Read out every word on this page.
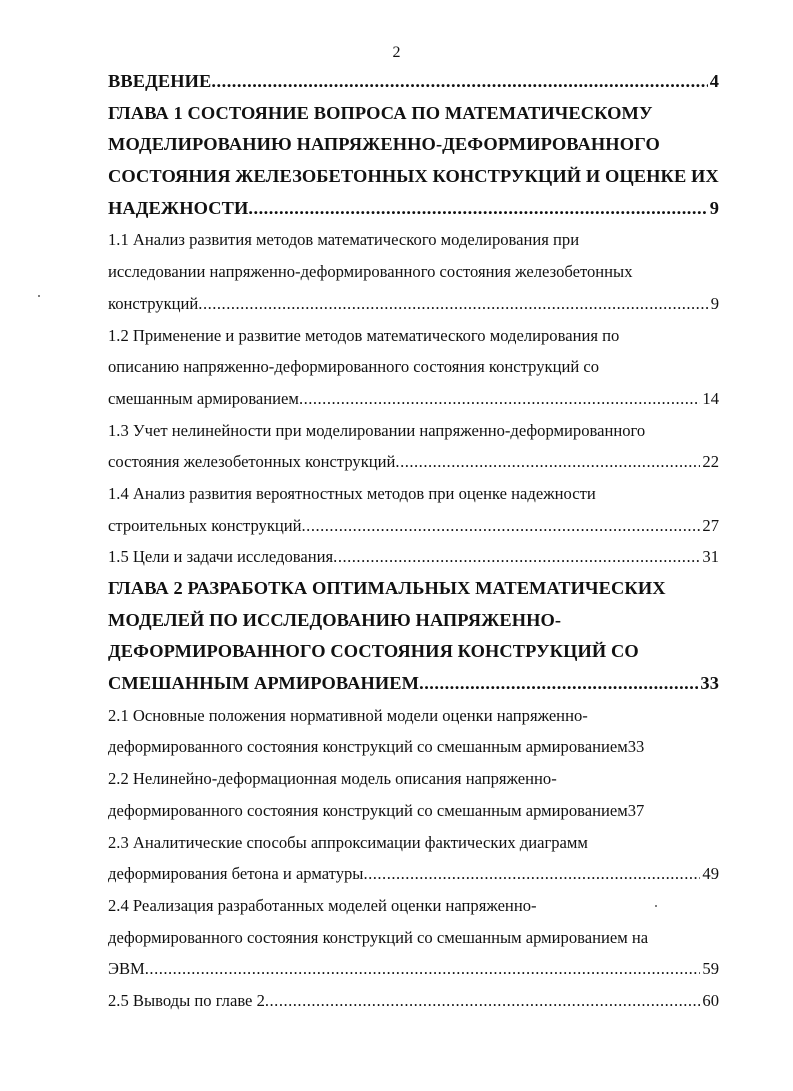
2
ВВЕДЕНИЕ .....	4
ГЛАВА 1 СОСТОЯНИЕ ВОПРОСА ПО МАТЕМАТИЧЕСКОМУ
МОДЕЛИРОВАНИЮ НАПРЯЖЕННО-ДЕФОРМИРОВАННОГО
СОСТОЯНИЯ ЖЕЛЕЗОБЕТОННЫХ КОНСТРУКЦИЙ И ОЦЕНКЕ ИХ
НАДЕЖНОСТИ .....	9
1.1 Анализ развития методов математического моделирования при
исследовании напряженно-деформированного состояния железобетонных
конструкций .....	9
1.2 Применение и развитие методов математического моделирования по
описанию напряженно-деформированного состояния конструкций со
смешанным армированием .....	14
1.3 Учет нелинейности при моделировании напряженно-деформированного
состояния железобетонных конструкций .....	22
1.4 Анализ развития вероятностных методов при оценке надежности
строительных конструкций .....	27
1.5 Цели и задачи исследования .....	31
ГЛАВА 2 РАЗРАБОТКА ОПТИМАЛЬНЫХ МАТЕМАТИЧЕСКИХ
МОДЕЛЕЙ ПО ИССЛЕДОВАНИЮ НАПРЯЖЕННО-
ДЕФОРМИРОВАННОГО СОСТОЯНИЯ КОНСТРУКЦИЙ СО
СМЕШАННЫМ АРМИРОВАНИЕМ .....	33
2.1 Основные положения нормативной модели оценки напряженно-
деформированного состояния конструкций со смешанным армированием33
2.2 Нелинейно-деформационная модель описания напряженно-
деформированного состояния конструкций со смешанным армированием37
2.3 Аналитические способы аппроксимации фактических диаграмм
деформирования бетона и арматуры .....	49
2.4 Реализация разработанных моделей оценки напряженно-
деформированного состояния конструкций со смешанным армированием на
ЭВМ .....	59
2.5 Выводы по главе 2 .....	60
